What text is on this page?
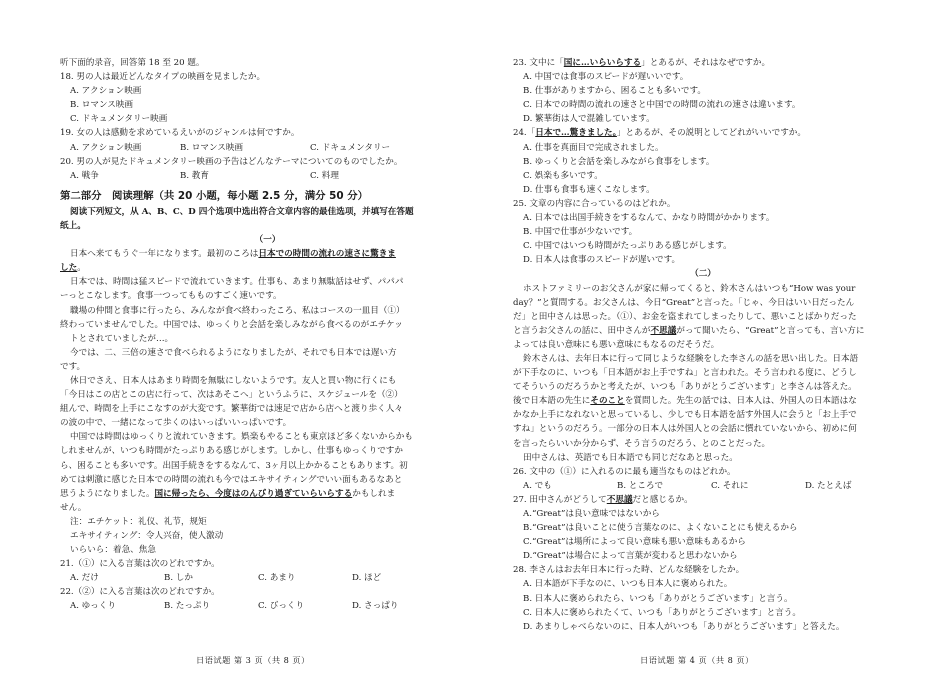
听下面的录音，回答第 18 至 20 题。
18. 男の人は最近どんなタイプの映画を見ましたか。
A. アクション映画
B. ロマンス映画
C. ドキュメンタリー映画
19. 女の人は感動を求めているえいがのジャンルは何ですか。
A. アクション映画	B. ロマンス映画	C. ドキュメンタリー
20. 男の人が見たドキュメンタリー映画の予告はどんなテーマについてのものでしたか。
A. 戦争	B. 教育	C. 料理
第二部分　阅读理解（共 20 小题，每小题 2.5 分，满分 50 分）
阅读下列短文，从 A、B、C、D 四个选项中选出符合文章内容的最佳选项，并填写在答题
纸上。
（一）
日本へ来てもうぐ一年になります。最初のころは日本での時間の流れの速さに驚きま
した。
日本では、時間は猛スピードで流れていきます。仕事も、あまり無駄話はせず、パパパ
ーっとこなします。食事一つってもものすごく速いです。
職場の仲間と食事に行ったら、みんなが食べ終わったころ、私はコースの一皿目（①）
終わっていませんでした。中国では、ゆっくりと会話を楽しみながら食べるのがエチケッ
トとされていましたが…。
今では、二、三倍の速さで食べられるようになりましたが、それでも日本では遅い方
です。
休日でさえ、日本人はあまり時間を無駄にしないようです。友人と買い物に行くにも
「今日はこの店とこの店に行って、次はあそこへ」というふうに、スケジュールを（②）
組んで、時間を上手にこなすのが大変です。繁華街では速足で店から店へと渡り歩く人々
の波の中で、一緒になって歩くのはいっぱいいっぱいです。
中国では時間はゆっくりと流れていきます。娯楽もやることも東京ほど多くないからかも
しれませんが、いつも時間がたっぷりある感じがします。しかし、仕事もゆっくりですか
ら、困ることも多いです。出国手続きをするなんて、3ヶ月以上かかることもあります。初
めては刺激に感じた日本での時間の流れも今ではエキサイティングでいい面もあるなあと
思うようになりました。国に帰ったら、今度はのんびり過ぎていらいらするかもしれま
せん。
注：エチケット：礼仪、礼节，规矩
エキサイティング：令人兴奋，使人激动
いらいら：着急、焦急
21.（①）に入る言葉は次のどれですか。
A. だけ	B. しか	C. あまり	D. ほど
22.（②）に入る言葉は次のどれですか。
A. ゆっくり	B. たっぷり	C. びっくり	D. さっぱり
23. 文中に「国に…いらいらする」とあるが、それはなぜですか。
A. 中国では食事のスピードが遅いいです。
B. 仕事がありますから、困ることも多いです。
C. 日本での時間の流れの速さと中国での時間の流れの速さは違います。
D. 繁華街は人で混雑しています。
24.「日本で…驚きました。」とあるが、その説明としてどれがいいですか。
A. 仕事を真面目で完成されました。
B. ゆっくりと会話を楽しみながら食事をします。
C. 娯楽も多いです。
D. 仕事も食事も速くこなします。
25. 文章の内容に合っているのはどれか。
A. 日本では出国手続きをするなんて、かなり時間がかかります。
B. 中国で仕事が少ないです。
C. 中国ではいつも時間がたっぷりある感じがします。
D. 日本人は食事のスピードが遅いです。
（二）
ホストファミリーのお父さんが家に帰ってくると、鈴木さんはいつも“How was your
day？”と質問する。お父さんは、今日“Great”と言った。「じゃ、今日はいい日だったん
だ」と田中さんは思った。（①）、お金を盗まれてしまったりして、悪いことばかりだった
と言うお父さんの話に、田中さんが不思議がって聞いたら、“Great”と言っても、言い方に
よっては良い意味にも悪い意味にもなるのだそうだ。
鈴木さんは、去年日本に行って同じような経験をした李さんの話を思い出した。日本語
が下手なのに、いつも「日本語がお上手ですね」と言われた。そう言われる度に、どうし
てそういうのだろうかと考えたが、いつも「ありがとうございます」と李さんは答えた。
後で日本語の先生にそのことを質問した。先生の話では、日本人は、外国人の日本語はな
かなか上手になれないと思っているし、少しでも日本語を話す外国人に会うと「お上手で
すね」というのだろう。一部分の日本人は外国人との会話に慣れていないから、初めに何
を言ったらいいか分からず、そう言うのだろう、とのことだった。
田中さんは、英語でも日本語でも同じだなあと思った。
26. 文中の（①）に入れるのに最も適当なものはどれか。
A. でも	B. ところで	C. それに	D. たとえば
27. 田中さんがどうして不思議だと感じるか。
A.“Great”は良い意味ではないから
B.“Great”は良いことに使う言葉なのに、よくないことにも使えるから
C.“Great”は場所によって良い意味も悪い意味もあるから
D.“Great”は場合によって言葉が変わると思わないから
28. 李さんはお去年日本に行った時、どんな経験をしたか。
A. 日本語が下手なのに、いつも日本人に褒められた。
B. 日本人に褒められたら、いつも「ありがとうございます」と言う。
C. 日本人に褒められたくて、いつも「ありがとうございます」と言う。
D. あまりしゃべらないのに、日本人がいつも「ありがとうございます」と答えた。
日语试题 第 3 页（共 8 页）	日语试题 第 4 页（共 8 页）
